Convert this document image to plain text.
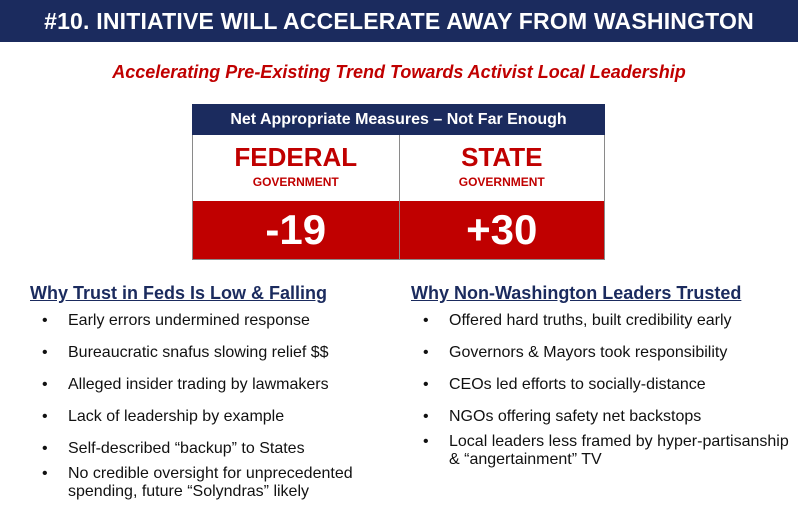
#10. INITIATIVE WILL ACCELERATE AWAY FROM WASHINGTON
Accelerating Pre-Existing Trend Towards Activist Local Leadership
Net Appropriate Measures – Not Far Enough
FEDERAL
GOVERNMENT
-19
STATE
GOVERNMENT
+30
Why Trust in Feds Is Low & Falling
• Early errors undermined response
• Bureaucratic snafus slowing relief $$
• Alleged insider trading by lawmakers
• Lack of leadership by example
• Self-described “backup” to States
• No credible oversight for unprecedented spending, future “Solyndras” likely
Why Non-Washington Leaders Trusted
• Offered hard truths, built credibility early
• Governors & Mayors took responsibility
• CEOs led efforts to socially-distance
• NGOs offering safety net backstops
• Local leaders less framed by hyper-partisanship & “angertainment” TV
